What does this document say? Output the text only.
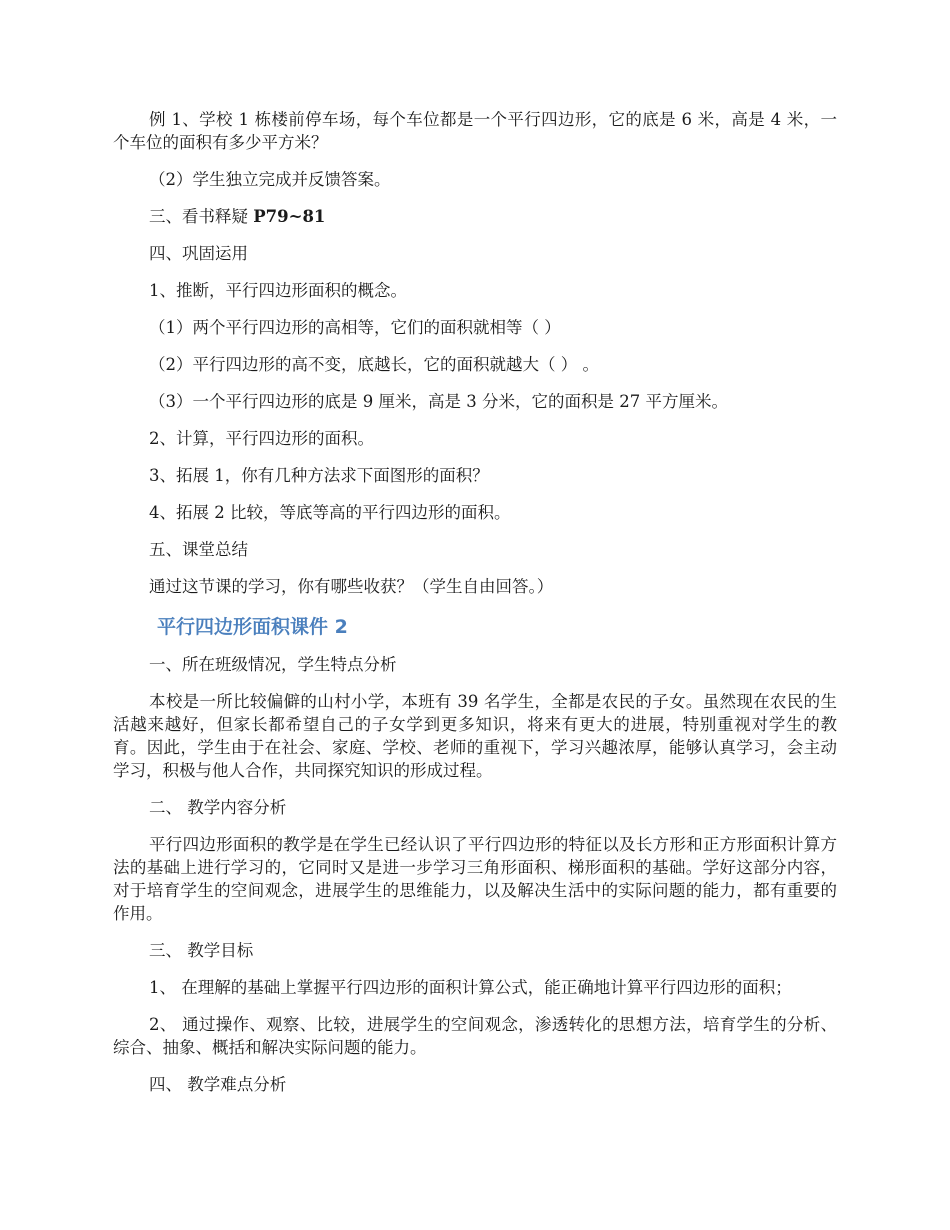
例 1、学校 1 栋楼前停车场，每个车位都是一个平行四边形，它的底是 6 米，高是 4 米，一个车位的面积有多少平方米？

（2）学生独立完成并反馈答案。

三、看书释疑 P79~81

四、巩固运用

1、推断，平行四边形面积的概念。

（1）两个平行四边形的高相等，它们的面积就相等（ ）

（2）平行四边形的高不变，底越长，它的面积就越大（ ） 。

（3）一个平行四边形的底是 9 厘米，高是 3 分米，它的面积是 27 平方厘米。

2、计算，平行四边形的面积。

3、拓展 1，你有几种方法求下面图形的面积？

4、拓展 2 比较，等底等高的平行四边形的面积。

五、课堂总结

通过这节课的学习，你有哪些收获？（学生自由回答。）

平行四边形面积课件 2

一、所在班级情况，学生特点分析

本校是一所比较偏僻的山村小学，本班有 39 名学生，全都是农民的子女。虽然现在农民的生活越来越好，但家长都希望自己的子女学到更多知识，将来有更大的进展，特别重视对学生的教育。因此，学生由于在社会、家庭、学校、老师的重视下，学习兴趣浓厚，能够认真学习，会主动学习，积极与他人合作，共同探究知识的形成过程。

二、 教学内容分析

平行四边形面积的教学是在学生已经认识了平行四边形的特征以及长方形和正方形面积计算方法的基础上进行学习的，它同时又是进一步学习三角形面积、梯形面积的基础。学好这部分内容，对于培育学生的空间观念，进展学生的思维能力，以及解决生活中的实际问题的能力，都有重要的作用。

三、 教学目标

1、 在理解的基础上掌握平行四边形的面积计算公式，能正确地计算平行四边形的面积；

2、 通过操作、观察、比较，进展学生的空间观念，渗透转化的思想方法，培育学生的分析、综合、抽象、概括和解决实际问题的能力。

四、 教学难点分析
